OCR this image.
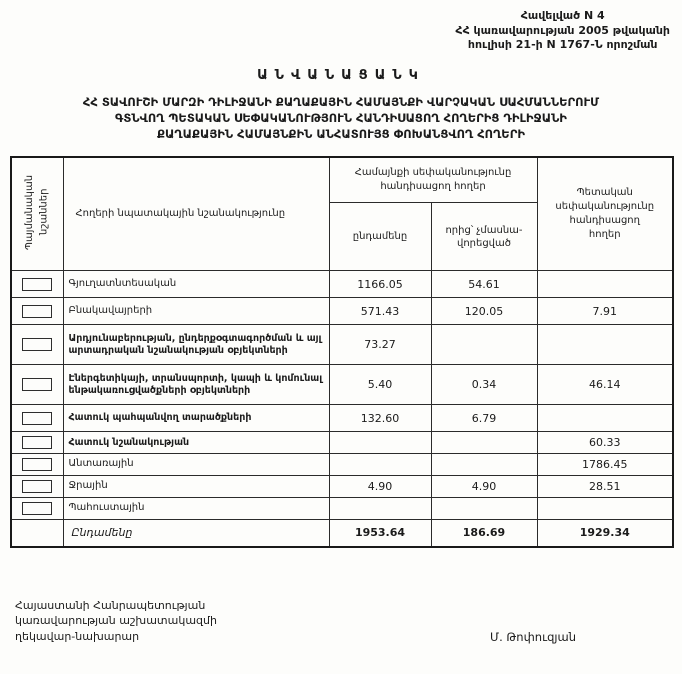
Հավելված N 4
ՀՀ կառավարության 2005 թվականի
հուլիսի 21-ի N 1767-Ն որոշման
ԱՆՎԱՆԱՑԱՆԿ
ՀՀ ՏԱՎՈՒՇԻ ՄԱՐԶԻ ԴԻԼԻՋԱՆԻ ՔԱՂԱՔԱՅԻՆ ՀԱՄԱՅՆՔԻ ՎԱՐՉԱԿԱՆ ՍԱՀՄԱՆՆԵՐՈՒՄ
ԳՏՆՎՈՂ ՊԵՏԱԿԱՆ ՍԵՓԱԿԱՆՈՒԹՅՈՒՆ ՀԱՆԴԻՍԱՑՈՂ ՀՈՂԵՐԻՑ ԴԻԼԻՋԱՆԻ
ՔԱՂԱՔԱՅԻՆ ՀԱՄԱՅՆՔԻՆ ԱՆՀԱՏՈՒՅՑ ՓՈԽԱՆՑՎՈՂ ՀՈՂԵՐԻ
Պայմանական նշաններ	Հողերի նպատակային նշանակությունը	Համայնքի սեփականությունը հանդիսացող հողեր		Պետական սեփականությունը հանդիսացող հողեր
		ընդամենը	որից՝ չմասնա-վորեցված	

	Գյուղատնտեսական	1166.05	54.61	

	Բնակավայրերի	571.43	120.05	7.91

	Արդյունաբերության, ընդերքօգտագործման և այլ արտադրական նշանակության օբյեկտների	73.27		

	Էներգետիկայի, տրանսպորտի, կապի և կոմունալ ենթակառուցվածքների օբյեկտների	5.40	0.34	46.14

	Հատուկ պահպանվող տարածքների	132.60	6.79	

	Հատուկ նշանակության			60.33

	Անտառային			1786.45

	Ջրային	4.90	4.90	28.51

	Պահուստային			
	Ընդամենը	1953.64	186.69	1929.34
Հայաստանի Հանրապետության
կառավարության աշխատակազմի
ղեկավար-նախարար	Մ. Թոփուզյան
